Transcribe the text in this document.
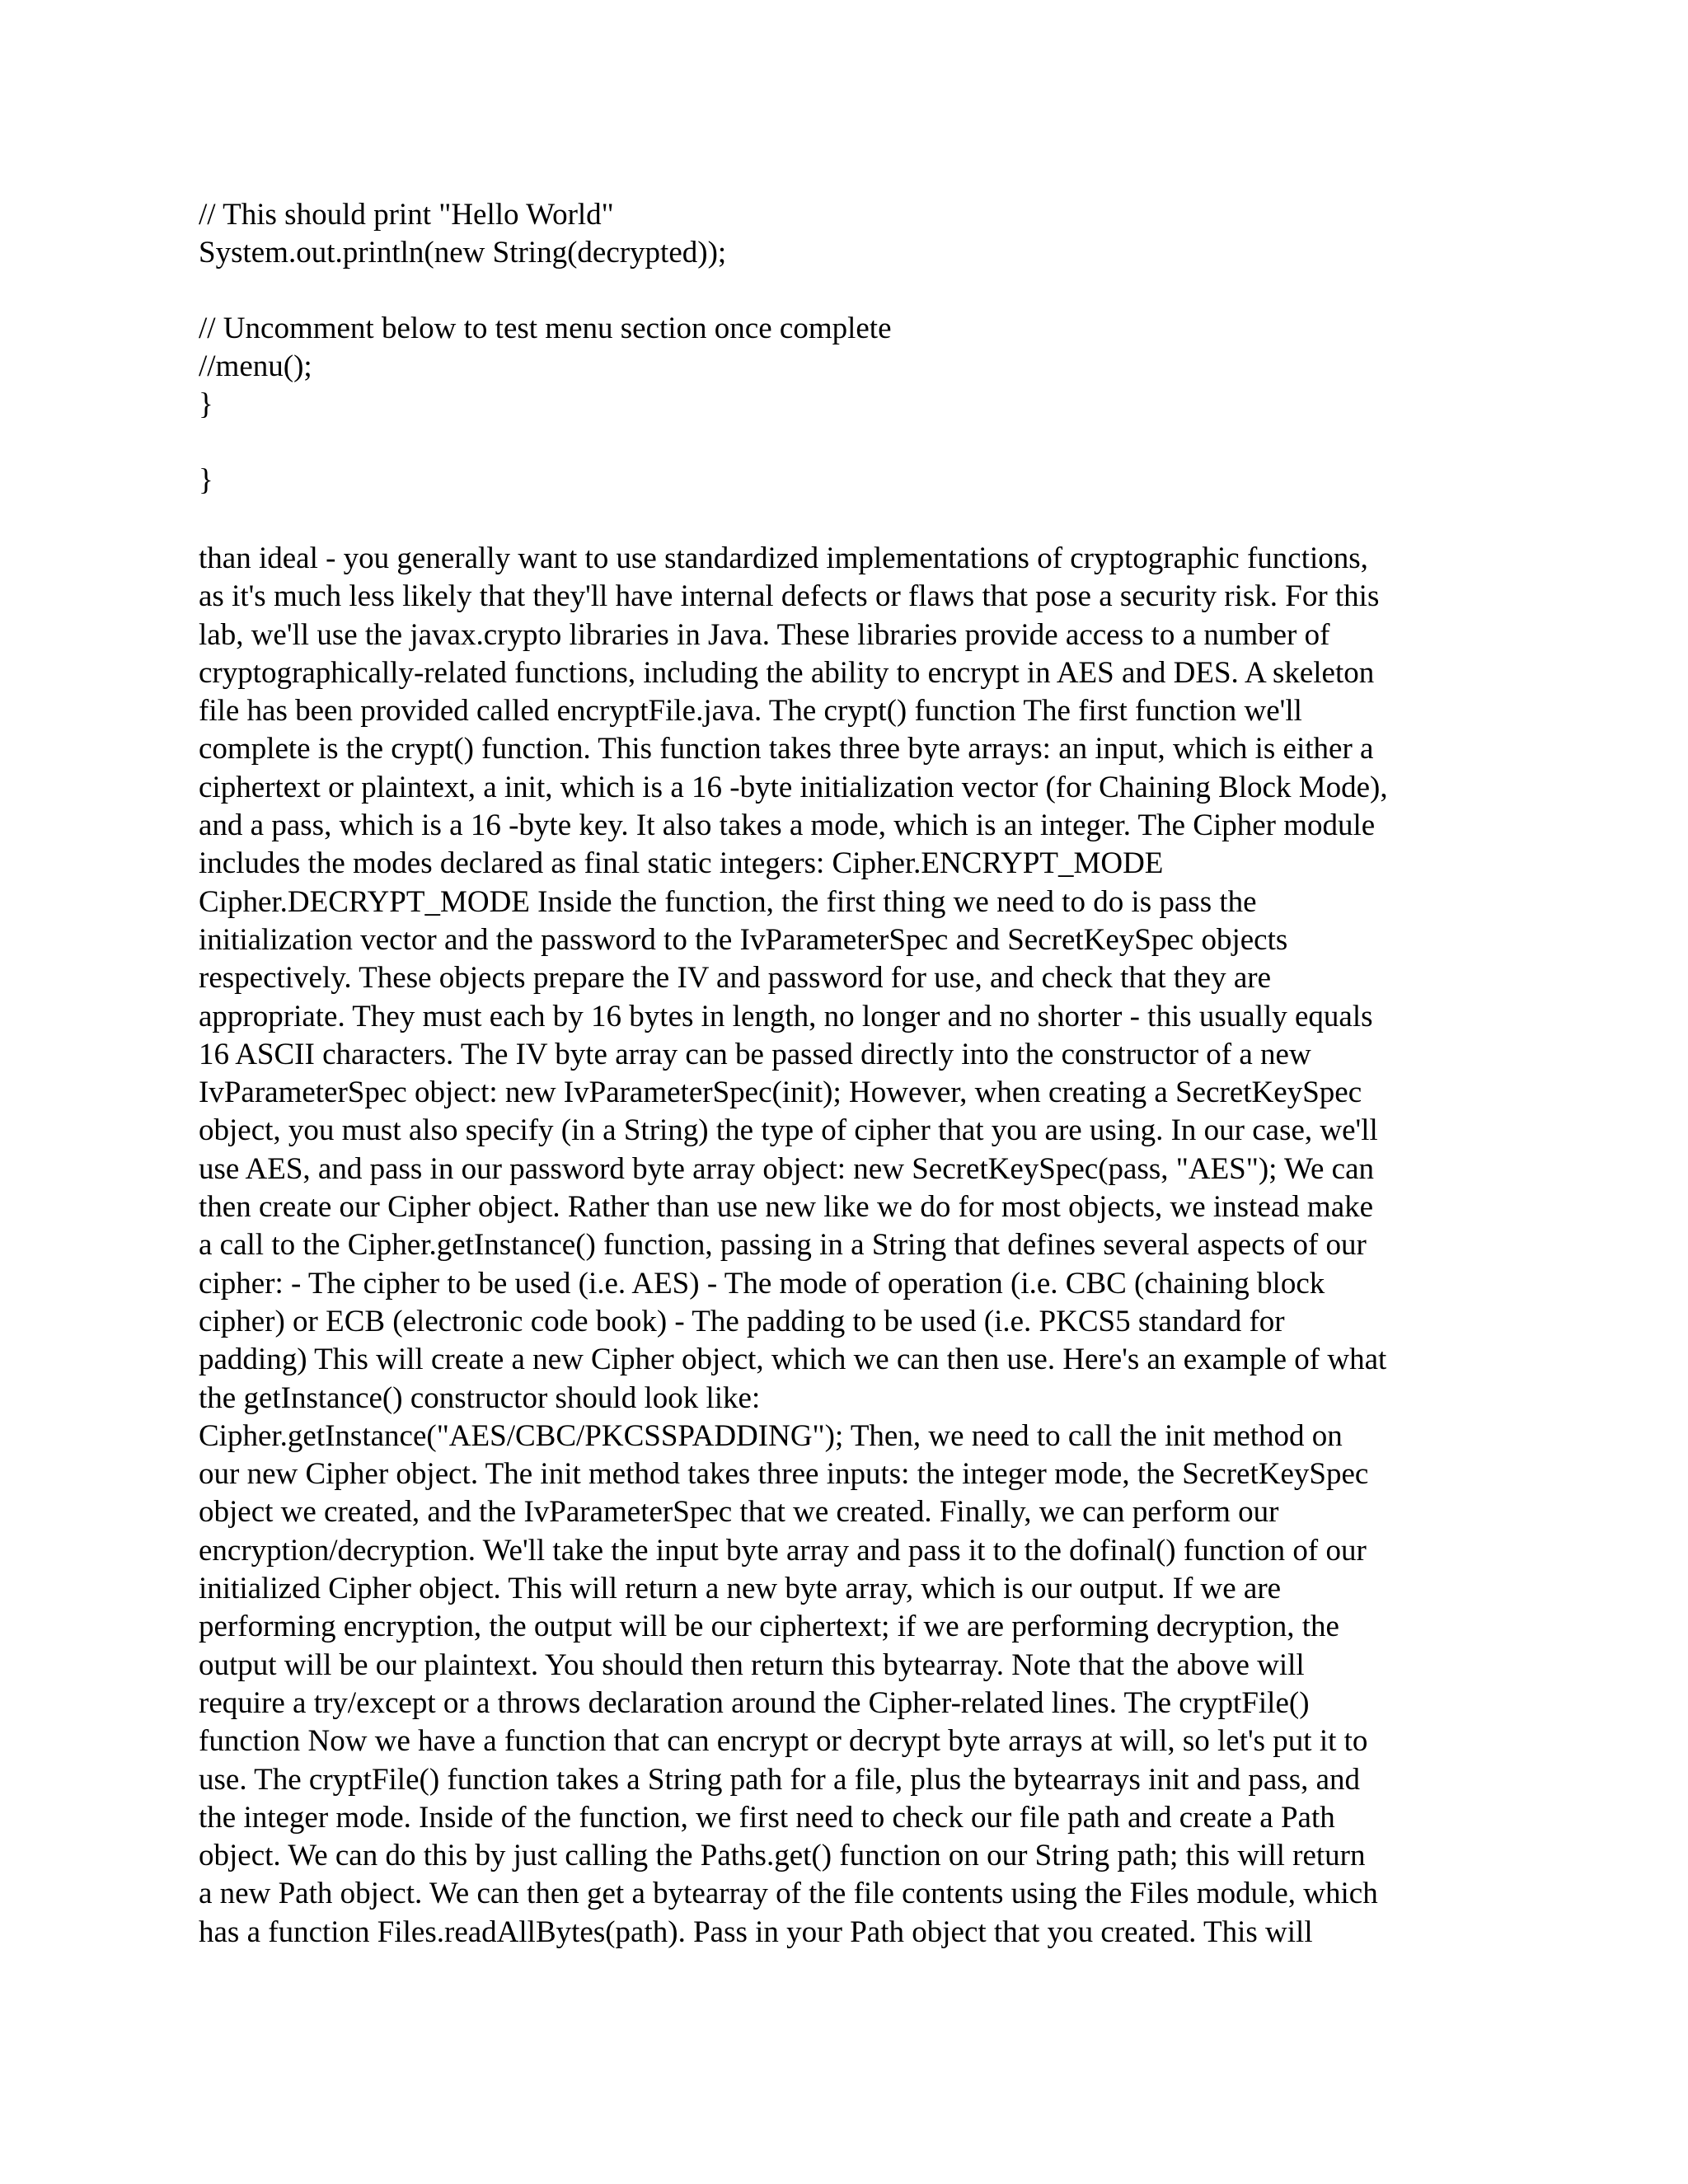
// This should print "Hello World"
System.out.println(new String(decrypted));
// Uncomment below to test menu section once complete
//menu();
}
}
than ideal - you generally want to use standardized implementations of cryptographic functions,
as it's much less likely that they'll have internal defects or flaws that pose a security risk. For this
lab, we'll use the javax.crypto libraries in Java. These libraries provide access to a number of
cryptographically-related functions, including the ability to encrypt in AES and DES. A skeleton
file has been provided called encryptFile.java. The crypt() function The first function we'll
complete is the crypt() function. This function takes three byte arrays: an input, which is either a
ciphertext or plaintext, a init, which is a 16 -byte initialization vector (for Chaining Block Mode),
and a pass, which is a 16 -byte key. It also takes a mode, which is an integer. The Cipher module
includes the modes declared as final static integers: Cipher.ENCRYPT_MODE
Cipher.DECRYPT_MODE Inside the function, the first thing we need to do is pass the
initialization vector and the password to the IvParameterSpec and SecretKeySpec objects
respectively. These objects prepare the IV and password for use, and check that they are
appropriate. They must each by 16 bytes in length, no longer and no shorter - this usually equals
16 ASCII characters. The IV byte array can be passed directly into the constructor of a new
IvParameterSpec object: new IvParameterSpec(init); However, when creating a SecretKeySpec
object, you must also specify (in a String) the type of cipher that you are using. In our case, we'll
use AES, and pass in our password byte array object: new SecretKeySpec(pass, "AES"); We can
then create our Cipher object. Rather than use new like we do for most objects, we instead make
a call to the Cipher.getInstance() function, passing in a String that defines several aspects of our
cipher: - The cipher to be used (i.e. AES) - The mode of operation (i.e. CBC (chaining block
cipher) or ECB (electronic code book) - The padding to be used (i.e. PKCS5 standard for
padding) This will create a new Cipher object, which we can then use. Here's an example of what
the getInstance() constructor should look like:
Cipher.getInstance("AES/CBC/PKCSSPADDING"); Then, we need to call the init method on
our new Cipher object. The init method takes three inputs: the integer mode, the SecretKeySpec
object we created, and the IvParameterSpec that we created. Finally, we can perform our
encryption/decryption. We'll take the input byte array and pass it to the dofinal() function of our
initialized Cipher object. This will return a new byte array, which is our output. If we are
performing encryption, the output will be our ciphertext; if we are performing decryption, the
output will be our plaintext. You should then return this bytearray. Note that the above will
require a try/except or a throws declaration around the Cipher-related lines. The cryptFile()
function Now we have a function that can encrypt or decrypt byte arrays at will, so let's put it to
use. The cryptFile() function takes a String path for a file, plus the bytearrays init and pass, and
the integer mode. Inside of the function, we first need to check our file path and create a Path
object. We can do this by just calling the Paths.get() function on our String path; this will return
a new Path object. We can then get a bytearray of the file contents using the Files module, which
has a function Files.readAllBytes(path). Pass in your Path object that you created. This will
